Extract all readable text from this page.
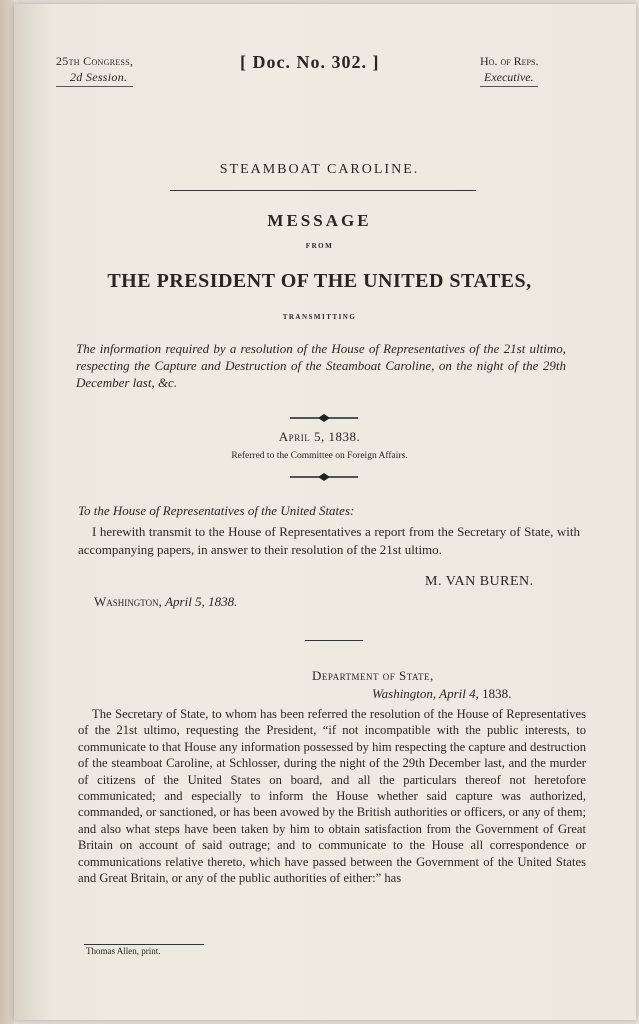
25th Congress,
2d Session.
[ Doc. No. 302. ]	Ho. of Reps.
Executive.
STEAMBOAT CAROLINE.
MESSAGE
FROM
THE PRESIDENT OF THE UNITED STATES,
TRANSMITTING
The information required by a resolution of the House of Representatives of the 21st ultimo, respecting the Capture and Destruction of the Steamboat Caroline, on the night of the 29th December last, &c.
April 5, 1838.
Referred to the Committee on Foreign Affairs.
To the House of Representatives of the United States:
I herewith transmit to the House of Representatives a report from the Secretary of State, with accompanying papers, in answer to their resolution of the 21st ultimo.
M. VAN BUREN.
Washington, April 5, 1838.
Department of State,
Washington, April 4, 1838.
The Secretary of State, to whom has been referred the resolution of the House of Representatives of the 21st ultimo, requesting the President, “if not incompatible with the public interests, to communicate to that House any information possessed by him respecting the capture and destruction of the steamboat Caroline, at Schlosser, during the night of the 29th December last, and the murder of citizens of the United States on board, and all the particulars thereof not heretofore communicated; and especially to inform the House whether said capture was authorized, commanded, or sanctioned, or has been avowed by the British authorities or officers, or any of them; and also what steps have been taken by him to obtain satisfaction from the Government of Great Britain on account of said outrage; and to communicate to the House all correspondence or communications relative thereto, which have passed between the Government of the United States and Great Britain, or any of the public authorities of either:” has
Thomas Allen, print.
